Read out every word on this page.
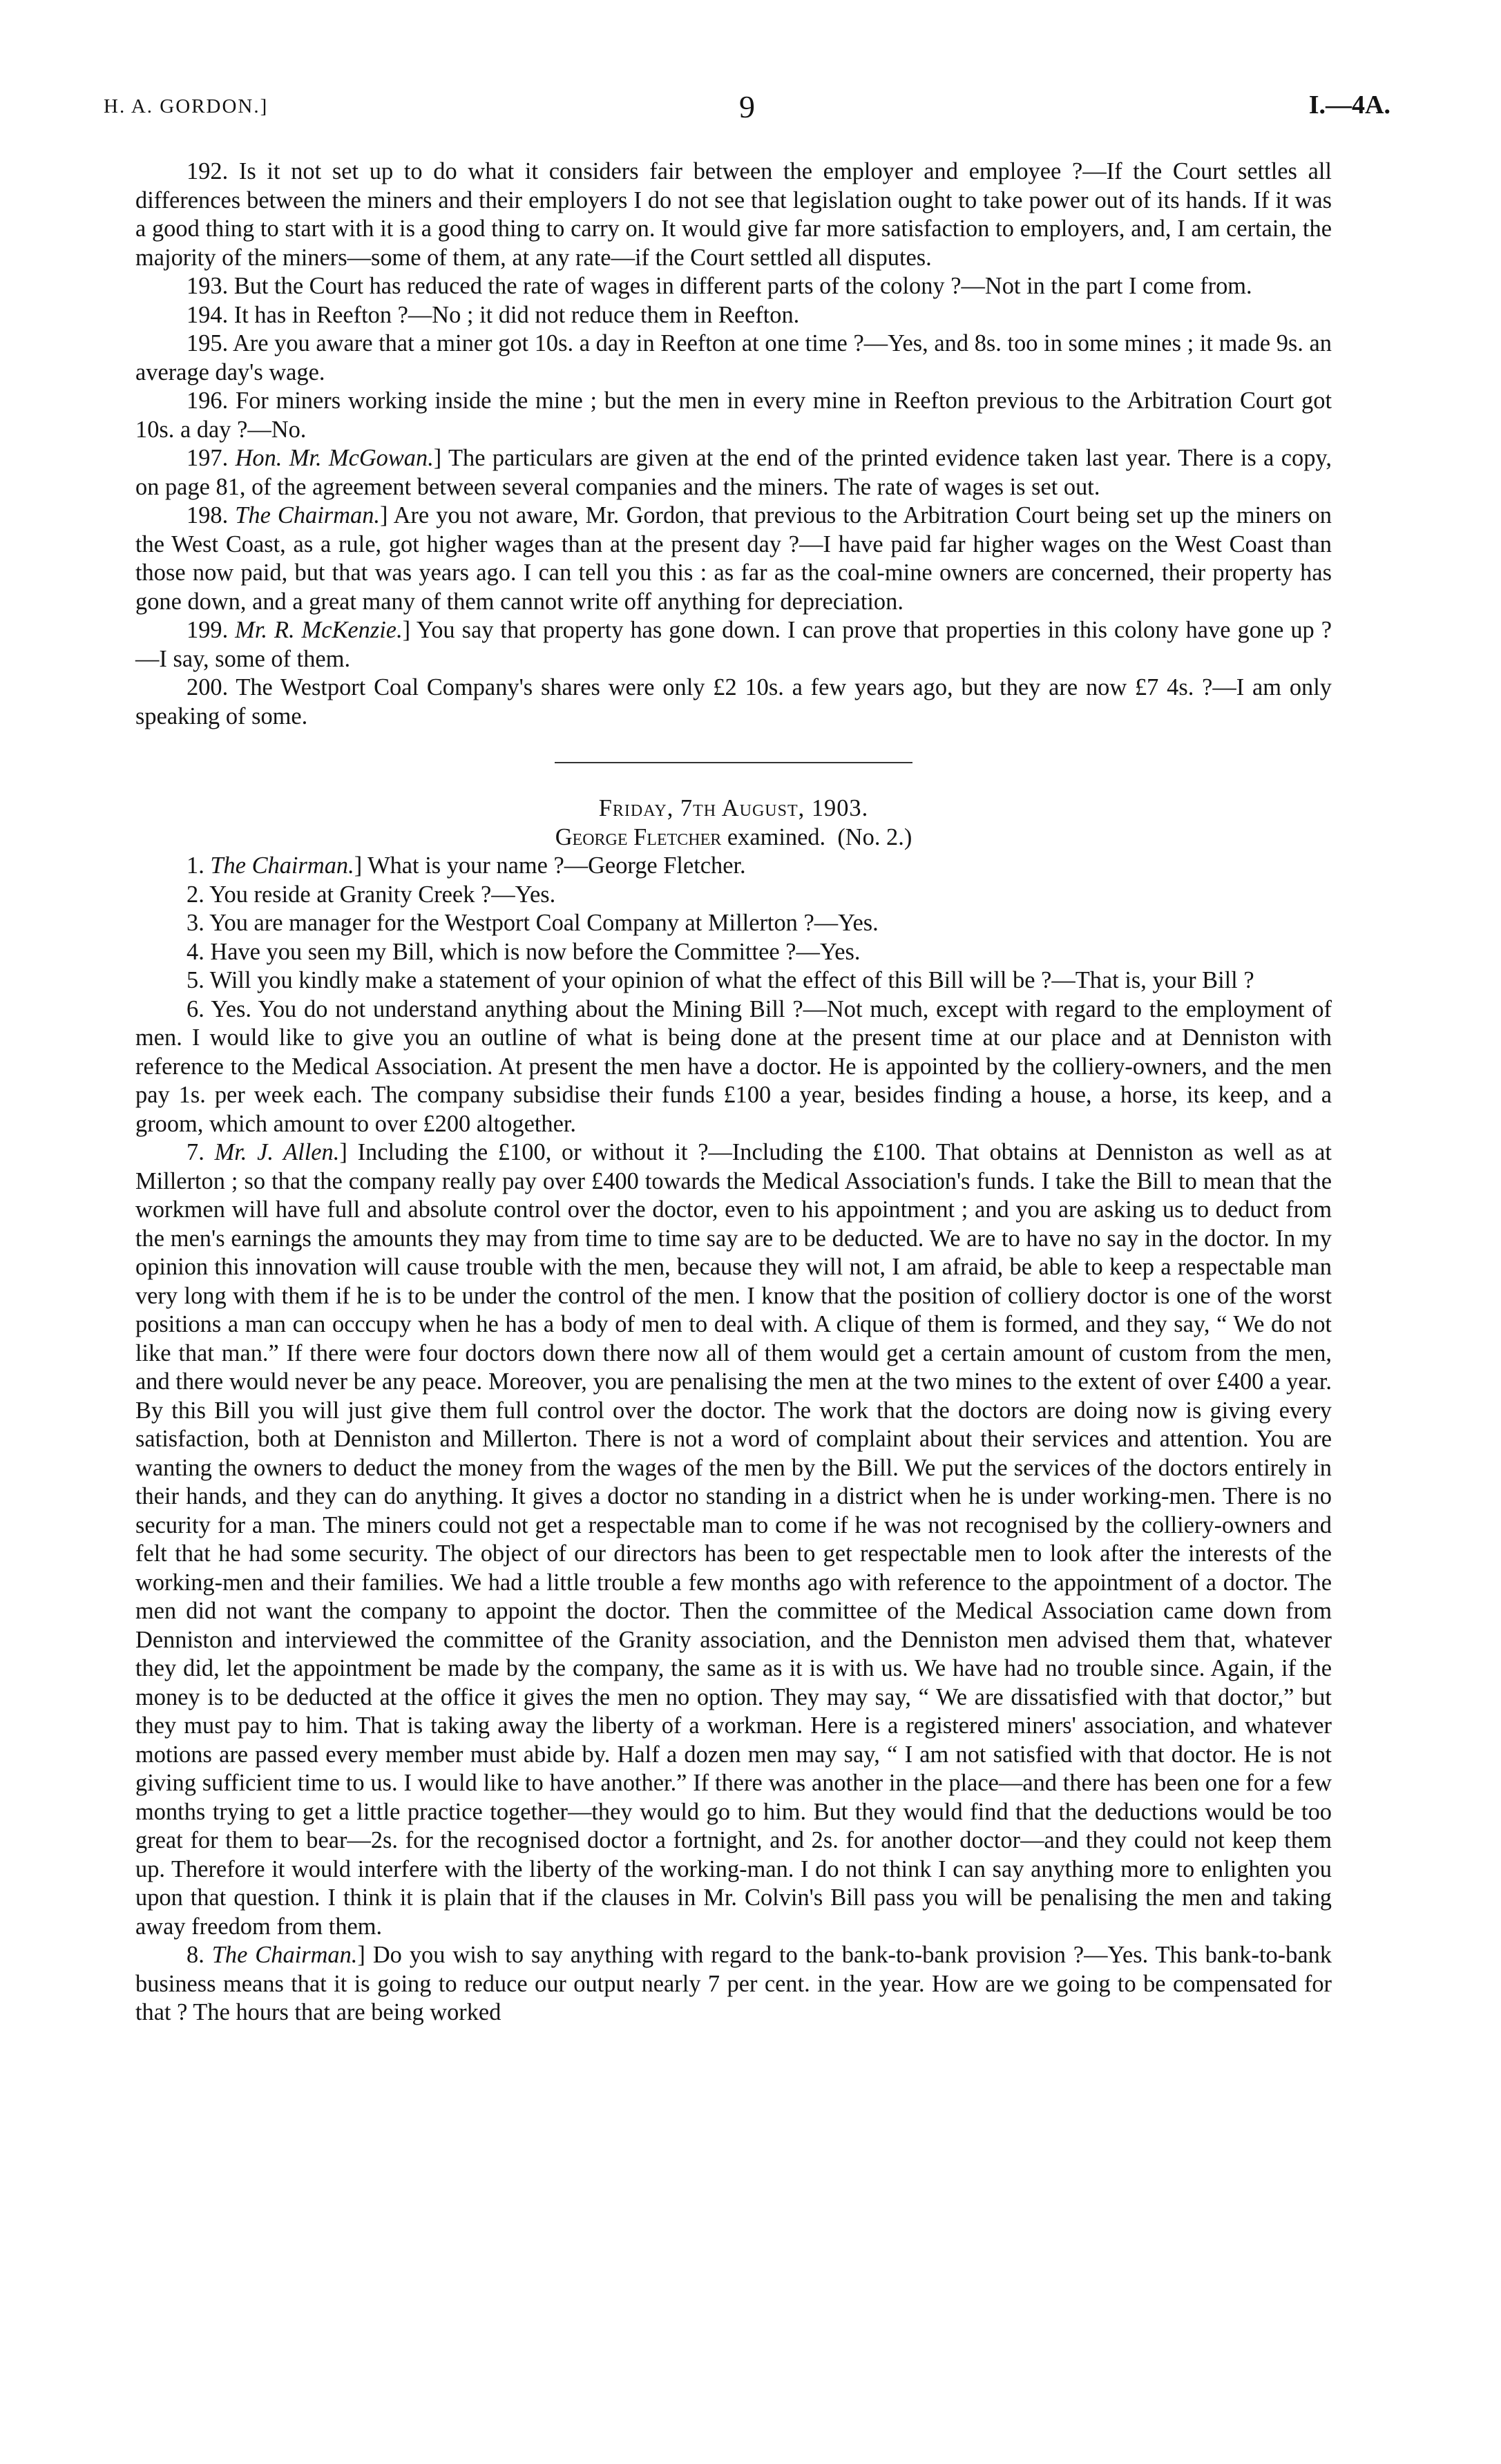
H. A. GORDON.]	9	I.—4A.

192. Is it not set up to do what it considers fair between the employer and employee ?—If the Court settles all differences between the miners and their employers I do not see that legislation ought to take power out of its hands. If it was a good thing to start with it is a good thing to carry on. It would give far more satisfaction to employers, and, I am certain, the majority of the miners—some of them, at any rate—if the Court settled all disputes.

193. But the Court has reduced the rate of wages in different parts of the colony ?—Not in the part I come from.

194. It has in Reefton ?—No ; it did not reduce them in Reefton.

195. Are you aware that a miner got 10s. a day in Reefton at one time ?—Yes, and 8s. too in some mines ; it made 9s. an average day's wage.

196. For miners working inside the mine ; but the men in every mine in Reefton previous to the Arbitration Court got 10s. a day ?—No.

197. Hon. Mr. McGowan.] The particulars are given at the end of the printed evidence taken last year. There is a copy, on page 81, of the agreement between several companies and the miners. The rate of wages is set out.

198. The Chairman.] Are you not aware, Mr. Gordon, that previous to the Arbitration Court being set up the miners on the West Coast, as a rule, got higher wages than at the present day ?—I have paid far higher wages on the West Coast than those now paid, but that was years ago. I can tell you this : as far as the coal-mine owners are concerned, their property has gone down, and a great many of them cannot write off anything for depreciation.

199. Mr. R. McKenzie.] You say that property has gone down. I can prove that properties in this colony have gone up ?—I say, some of them.

200. The Westport Coal Company's shares were only £2 10s. a few years ago, but they are now £7 4s. ?—I am only speaking of some.

Friday, 7th August, 1903.

George Fletcher examined. (No. 2.)

1. The Chairman.] What is your name ?—George Fletcher.

2. You reside at Granity Creek ?—Yes.

3. You are manager for the Westport Coal Company at Millerton ?—Yes.

4. Have you seen my Bill, which is now before the Committee ?—Yes.

5. Will you kindly make a statement of your opinion of what the effect of this Bill will be ?—That is, your Bill ?

6. Yes. You do not understand anything about the Mining Bill ?—Not much, except with regard to the employment of men. I would like to give you an outline of what is being done at the present time at our place and at Denniston with reference to the Medical Association. At present the men have a doctor. He is appointed by the colliery-owners, and the men pay 1s. per week each. The company subsidise their funds £100 a year, besides finding a house, a horse, its keep, and a groom, which amount to over £200 altogether.

7. Mr. J. Allen.] Including the £100, or without it ?—Including the £100. That obtains at Denniston as well as at Millerton ; so that the company really pay over £400 towards the Medical Association's funds. I take the Bill to mean that the workmen will have full and absolute control over the doctor, even to his appointment ; and you are asking us to deduct from the men's earnings the amounts they may from time to time say are to be deducted. We are to have no say in the doctor. In my opinion this innovation will cause trouble with the men, because they will not, I am afraid, be able to keep a respectable man very long with them if he is to be under the control of the men. I know that the position of colliery doctor is one of the worst positions a man can occcupy when he has a body of men to deal with. A clique of them is formed, and they say, “ We do not like that man.” If there were four doctors down there now all of them would get a certain amount of custom from the men, and there would never be any peace. Moreover, you are penalising the men at the two mines to the extent of over £400 a year. By this Bill you will just give them full control over the doctor. The work that the doctors are doing now is giving every satisfaction, both at Denniston and Millerton. There is not a word of complaint about their services and attention. You are wanting the owners to deduct the money from the wages of the men by the Bill. We put the services of the doctors entirely in their hands, and they can do anything. It gives a doctor no standing in a district when he is under working-men. There is no security for a man. The miners could not get a respectable man to come if he was not recognised by the colliery-owners and felt that he had some security. The object of our directors has been to get respectable men to look after the interests of the working-men and their families. We had a little trouble a few months ago with reference to the appointment of a doctor. The men did not want the company to appoint the doctor. Then the committee of the Medical Association came down from Denniston and interviewed the committee of the Granity association, and the Denniston men advised them that, whatever they did, let the appointment be made by the company, the same as it is with us. We have had no trouble since. Again, if the money is to be deducted at the office it gives the men no option. They may say, “ We are dissatisfied with that doctor,” but they must pay to him. That is taking away the liberty of a workman. Here is a registered miners' association, and whatever motions are passed every member must abide by. Half a dozen men may say, “ I am not satisfied with that doctor. He is not giving sufficient time to us. I would like to have another.” If there was another in the place—and there has been one for a few months trying to get a little practice together—they would go to him. But they would find that the deductions would be too great for them to bear—2s. for the recognised doctor a fortnight, and 2s. for another doctor—and they could not keep them up. Therefore it would interfere with the liberty of the working-man. I do not think I can say anything more to enlighten you upon that question. I think it is plain that if the clauses in Mr. Colvin's Bill pass you will be penalising the men and taking away freedom from them.

8. The Chairman.] Do you wish to say anything with regard to the bank-to-bank provision ?—Yes. This bank-to-bank business means that it is going to reduce our output nearly 7 per cent. in the year. How are we going to be compensated for that ? The hours that are being worked
